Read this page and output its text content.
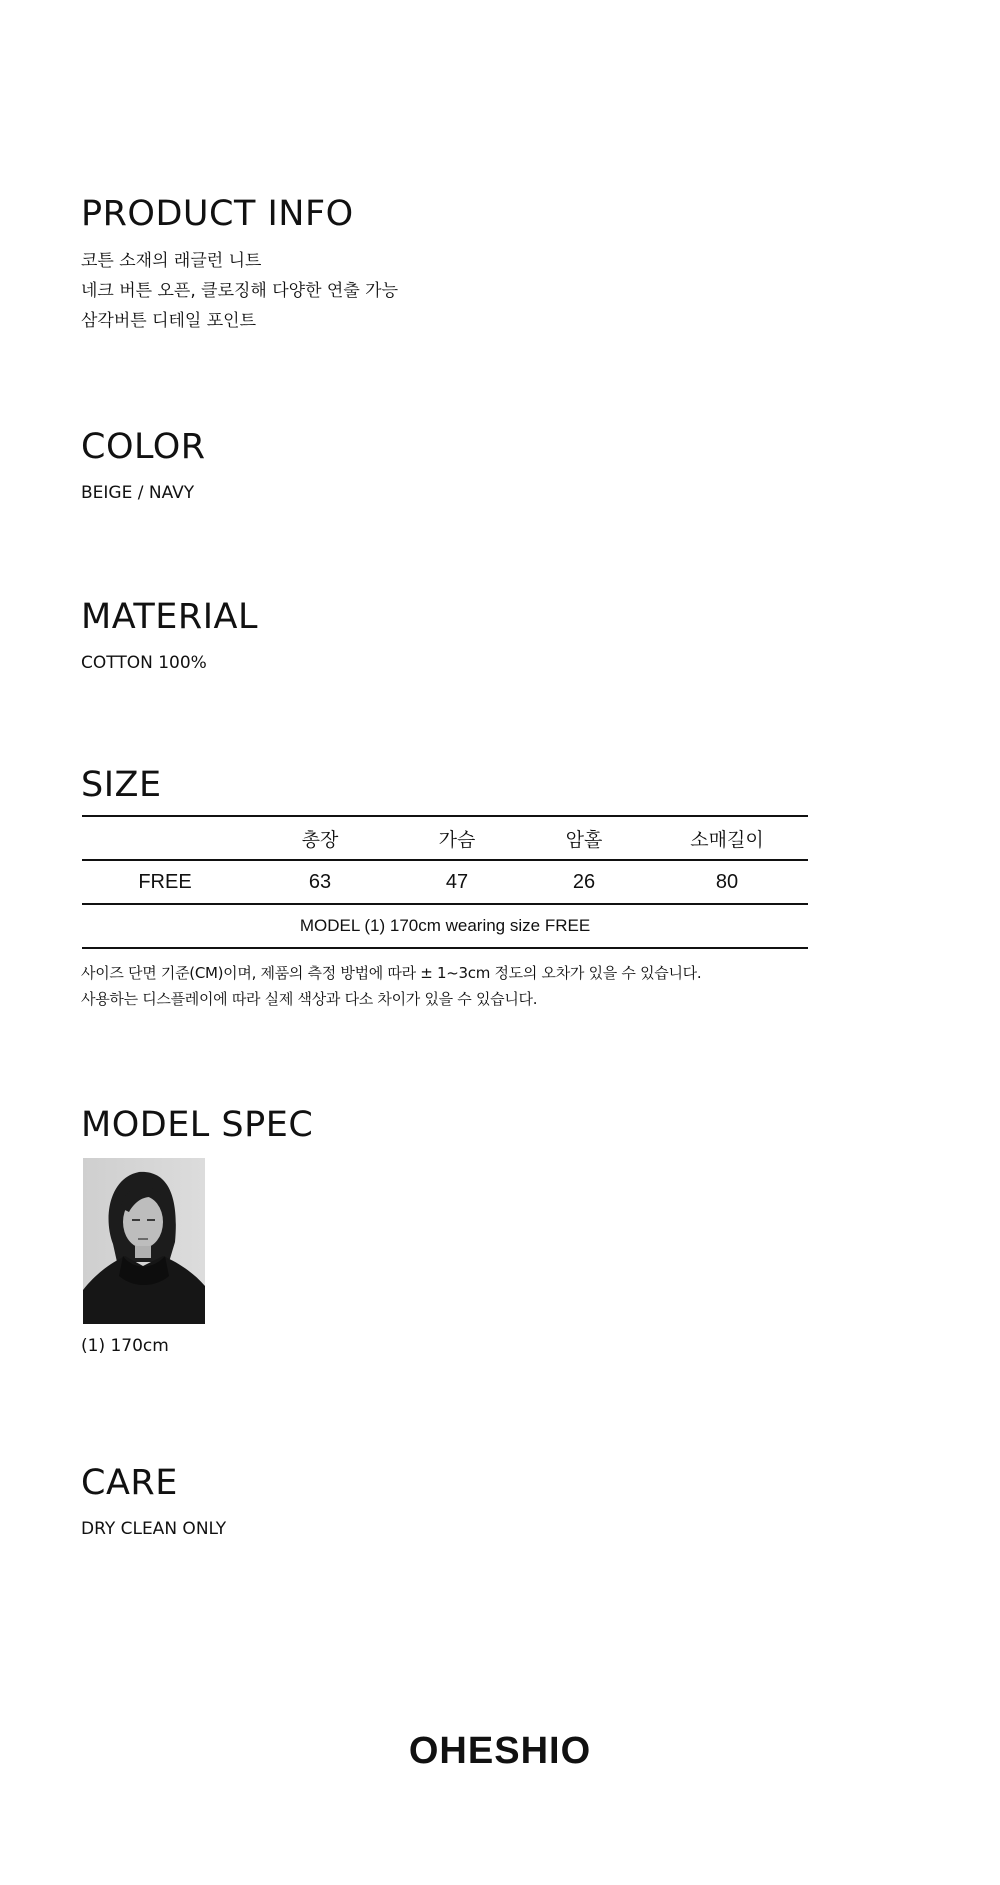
PRODUCT INFO
코튼 소재의 래글런 니트
네크 버튼 오픈, 클로징해 다양한 연출 가능
삼각버튼 디테일 포인트
COLOR

BEIGE / NAVY

MATERIAL

COTTON 100%

SIZE
	총장	가슴	암홀	소매길이
FREE	63	47	26	80
MODEL (1) 170cm wearing size FREE				

사이즈 단면 기준(CM)이며, 제품의 측정 방법에 따라 ± 1~3cm 정도의 오차가 있을 수 있습니다.

사용하는 디스플레이에 따라 실제 색상과 다소 차이가 있을 수 있습니다.

MODEL SPEC

(1) 170cm

CARE

DRY CLEAN ONLY

OHESHIO
